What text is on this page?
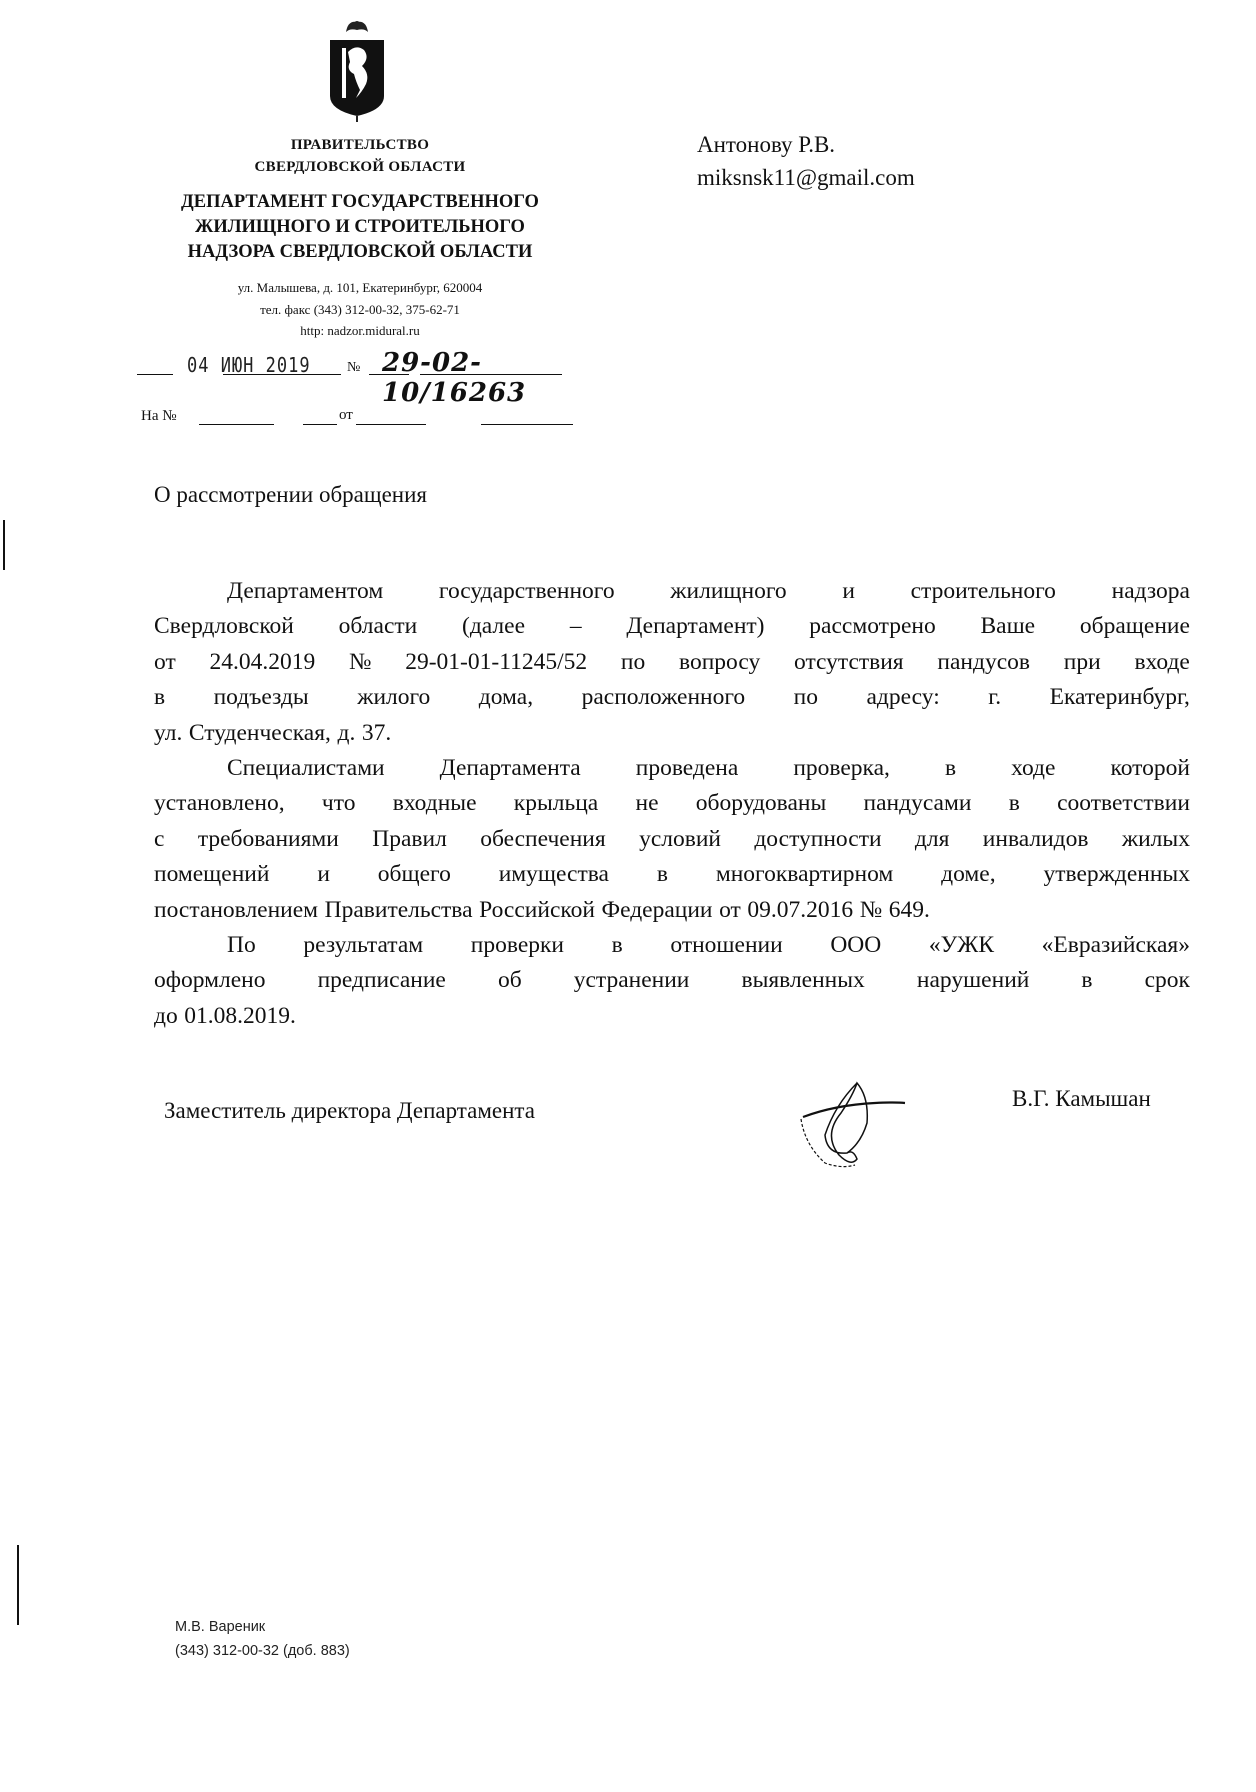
ПРАВИТЕЛЬСТВО
СВЕРДЛОВСКОЙ ОБЛАСТИ
ДЕПАРТАМЕНТ ГОСУДАРСТВЕННОГО
ЖИЛИЩНОГО И СТРОИТЕЛЬНОГО
НАДЗОРА СВЕРДЛОВСКОЙ ОБЛАСТИ
ул. Малышева, д. 101, Екатеринбург, 620004
тел. факс (343) 312-00-32, 375-62-71
http: nadzor.midural.ru
04 ИЮН 2019	№ 29-02-10/16263
На №	от
Антонову Р.В.
miksnsk11@gmail.com
О рассмотрении обращения
Департаментом государственного жилищного и строительного надзора
Свердловской области (далее – Департамент) рассмотрено Ваше обращение
от 24.04.2019 № 29-01-01-11245/52 по вопросу отсутствия пандусов при входе
в подъезды жилого дома, расположенного по адресу: г. Екатеринбург,
ул. Студенческая, д. 37.
Специалистами Департамента проведена проверка, в ходе которой
установлено, что входные крыльца не оборудованы пандусами в соответствии
с требованиями Правил обеспечения условий доступности для инвалидов жилых
помещений и общего имущества в многоквартирном доме, утвержденных
постановлением Правительства Российской Федерации от 09.07.2016 № 649.
По результатам проверки в отношении ООО «УЖК «Евразийская»
оформлено предписание об устранении выявленных нарушений в срок
до 01.08.2019.
Заместитель директора Департамента	В.Г. Камышан
М.В. Вареник
(343) 312-00-32 (доб. 883)
